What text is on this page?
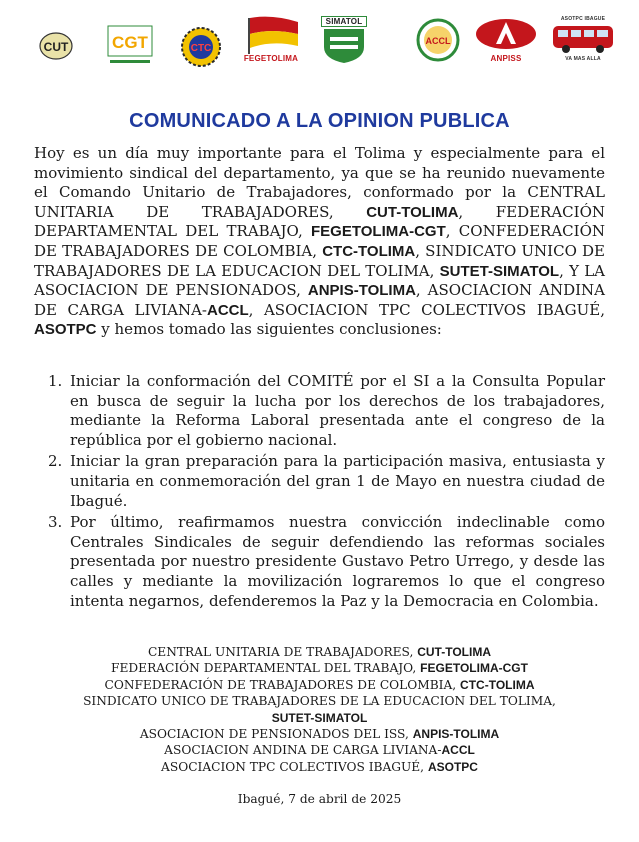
CUT	CGT	CTC
FEGETOLIMA
SIMATOL
ACCL
ANPISS
ASOTPC IBAGUE
VA MAS ALLA
COMUNICADO A LA OPINION PUBLICA

Hoy es un día muy importante para el Tolima y especialmente para el movimiento sindical del departamento, ya que se ha reunido nuevamente el Comando Unitario de Trabajadores, conformado por la CENTRAL UNITARIA DE TRABAJADORES, CUT-TOLIMA, FEDERACIÓN DEPARTAMENTAL DEL TRABAJO, FEGETOLIMA-CGT, CONFEDERACIÓN DE TRABAJADORES DE COLOMBIA, CTC-TOLIMA, SINDICATO UNICO DE TRABAJADORES DE LA EDUCACION DEL TOLIMA, SUTET-SIMATOL, Y LA ASOCIACION DE PENSIONADOS, ANPIS-TOLIMA, ASOCIACION ANDINA DE CARGA LIVIANA-ACCL, ASOCIACION TPC COLECTIVOS IBAGUÉ, ASOTPC y hemos tomado las siguientes conclusiones:

1. Iniciar la conformación del COMITÉ por el SI a la Consulta Popular en busca de seguir la lucha por los derechos de los trabajadores, mediante la Reforma Laboral presentada ante el congreso de la república por el gobierno nacional.
2. Iniciar la gran preparación para la participación masiva, entusiasta y unitaria en conmemoración del gran 1 de Mayo en nuestra ciudad de Ibagué.
3. Por último, reafirmamos nuestra convicción indeclinable como Centrales Sindicales de seguir defendiendo las reformas sociales presentada por nuestro presidente Gustavo Petro Urrego, y desde las calles y mediante la movilización lograremos lo que el congreso intenta negarnos, defenderemos la Paz y la Democracia en Colombia.
CENTRAL UNITARIA DE TRABAJADORES, CUT-TOLIMA
FEDERACIÓN DEPARTAMENTAL DEL TRABAJO, FEGETOLIMA-CGT
CONFEDERACIÓN DE TRABAJADORES DE COLOMBIA, CTC-TOLIMA
SINDICATO UNICO DE TRABAJADORES DE LA EDUCACION DEL TOLIMA,
SUTET-SIMATOL
ASOCIACION DE PENSIONADOS DEL ISS, ANPIS-TOLIMA
ASOCIACION ANDINA DE CARGA LIVIANA-ACCL
ASOCIACION TPC COLECTIVOS IBAGUÉ, ASOTPC
Ibagué, 7 de abril de 2025
